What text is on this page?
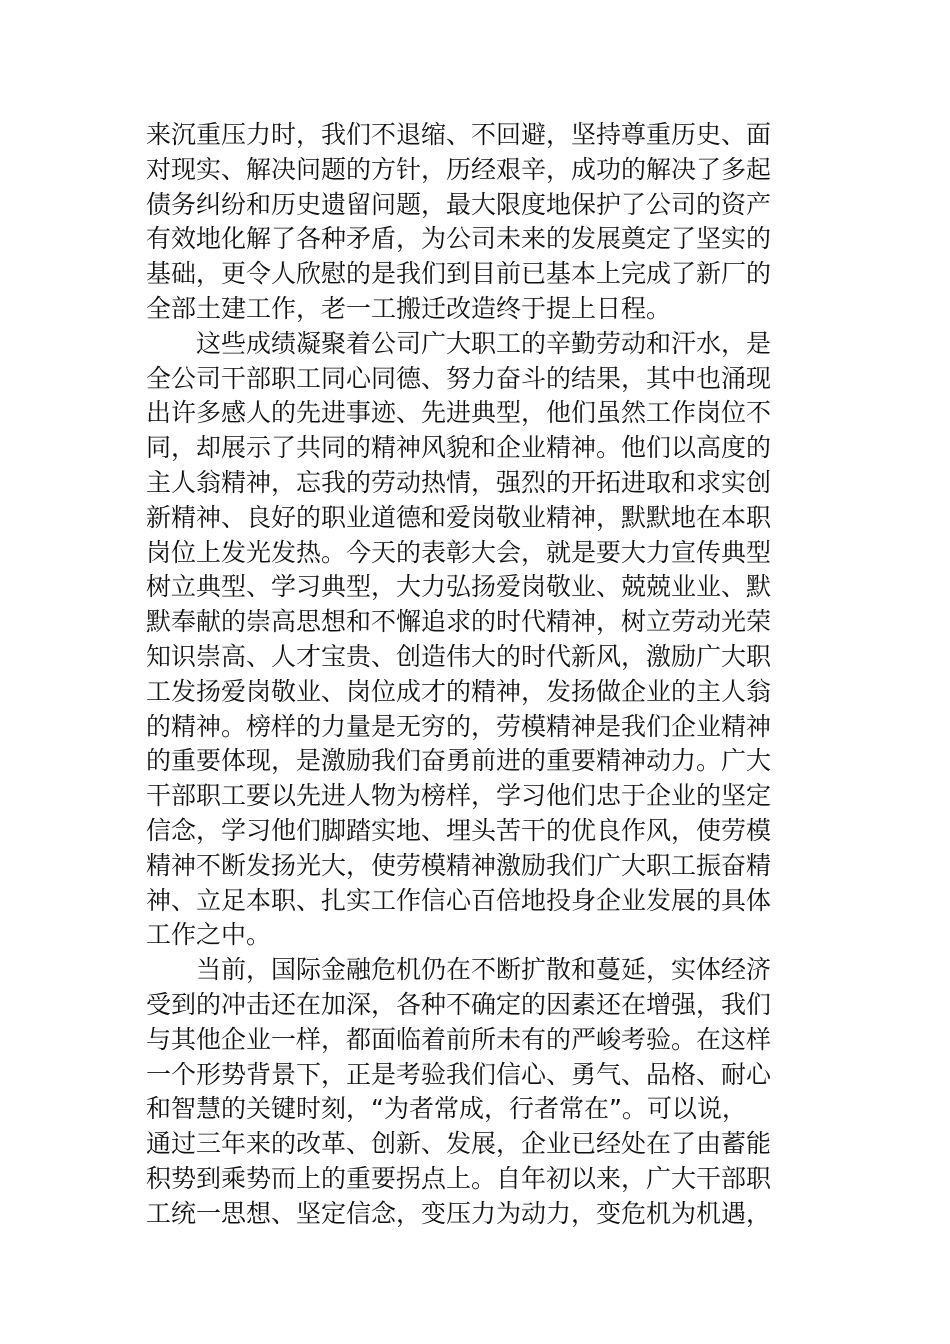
来沉重压力时，我们不退缩、不回避，坚持尊重历史、面
对现实、解决问题的方针，历经艰辛，成功的解决了多起
债务纠纷和历史遗留问题，最大限度地保护了公司的资产
有效地化解了各种矛盾，为公司未来的发展奠定了坚实的
基础，更令人欣慰的是我们到目前已基本上完成了新厂的
全部土建工作，老一工搬迁改造终于提上日程。
这些成绩凝聚着公司广大职工的辛勤劳动和汗水，是
全公司干部职工同心同德、努力奋斗的结果，其中也涌现
出许多感人的先进事迹、先进典型，他们虽然工作岗位不
同，却展示了共同的精神风貌和企业精神。他们以高度的
主人翁精神，忘我的劳动热情，强烈的开拓进取和求实创
新精神、良好的职业道德和爱岗敬业精神，默默地在本职
岗位上发光发热。今天的表彰大会，就是要大力宣传典型
树立典型、学习典型，大力弘扬爱岗敬业、兢兢业业、默
默奉献的崇高思想和不懈追求的时代精神，树立劳动光荣
知识崇高、人才宝贵、创造伟大的时代新风，激励广大职
工发扬爱岗敬业、岗位成才的精神，发扬做企业的主人翁
的精神。榜样的力量是无穷的，劳模精神是我们企业精神
的重要体现，是激励我们奋勇前进的重要精神动力。广大
干部职工要以先进人物为榜样，学习他们忠于企业的坚定
信念，学习他们脚踏实地、埋头苦干的优良作风，使劳模
精神不断发扬光大，使劳模精神激励我们广大职工振奋精
神、立足本职、扎实工作信心百倍地投身企业发展的具体
工作之中。
当前，国际金融危机仍在不断扩散和蔓延，实体经济
受到的冲击还在加深，各种不确定的因素还在增强，我们
与其他企业一样，都面临着前所未有的严峻考验。在这样
一个形势背景下，正是考验我们信心、勇气、品格、耐心
和智慧的关键时刻，“为者常成，行者常在”。可以说，
通过三年来的改革、创新、发展，企业已经处在了由蓄能
积势到乘势而上的重要拐点上。自年初以来，广大干部职
工统一思想、坚定信念，变压力为动力，变危机为机遇，
